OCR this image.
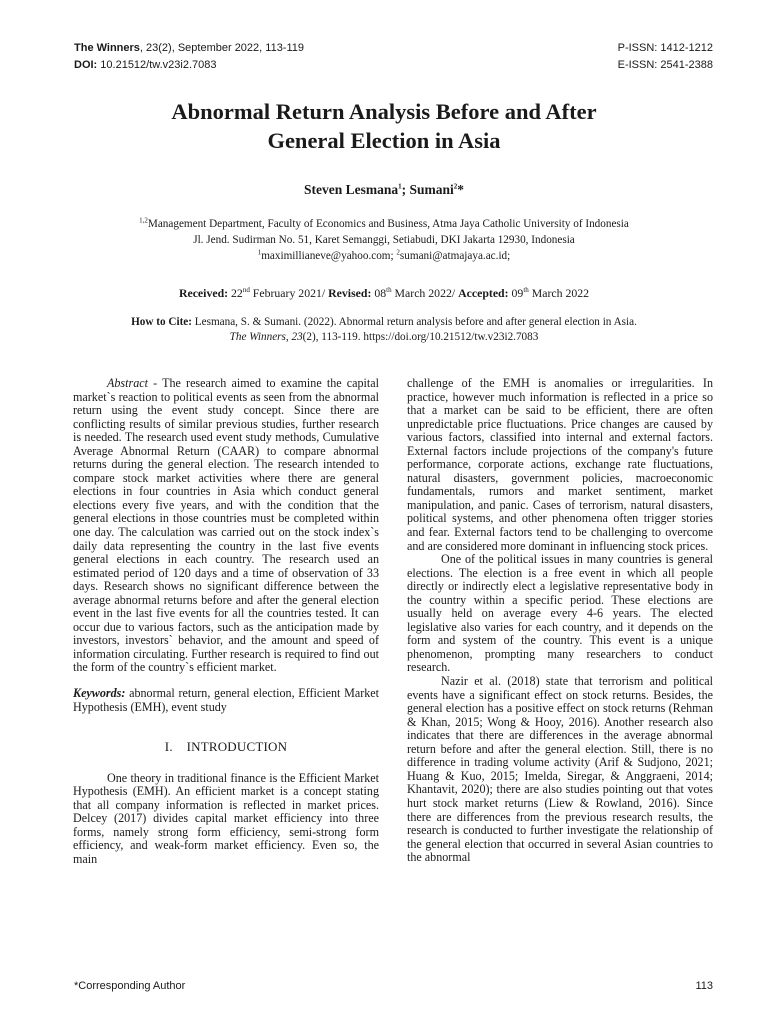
The Winners, 23(2), September 2022, 113-119
DOI: 10.21512/tw.v23i2.7083
P-ISSN: 1412-1212
E-ISSN: 2541-2388
Abnormal Return Analysis Before and After
General Election in Asia
Steven Lesmana$^1$; Sumani$^2$*
$^{1,2}$Management Department, Faculty of Economics and Business, Atma Jaya Catholic University of Indonesia
Jl. Jend. Sudirman No. 51, Karet Semanggi, Setiabudi, DKI Jakarta 12930, Indonesia
$^1$maximillianeve@yahoo.com; $^2$sumani@atmajaya.ac.id;
Received: 22nd February 2021/ Revised: 08th March 2022/ Accepted: 09th March 2022
How to Cite: Lesmana, S. & Sumani. (2022). Abnormal return analysis before and after general election in Asia.
The Winners, 23(2), 113-119. https://doi.org/10.21512/tw.v23i2.7083

Abstract - The research aimed to examine the capital market`s reaction to political events as seen from the abnormal return using the event study concept. Since there are conflicting results of similar previous studies, further research is needed. The research used event study methods, Cumulative Average Abnormal Return (CAAR) to compare abnormal returns during the general election. The research intended to compare stock market activities where there are general elections in four countries in Asia which conduct general elections every five years, and with the condition that the general elections in those countries must be completed within one day. The calculation was carried out on the stock index`s daily data representing the country in the last five events general elections in each country. The research used an estimated period of 120 days and a time of observation of 33 days. Research shows no significant difference between the average abnormal returns before and after the general election event in the last five events for all the countries tested. It can occur due to various factors, such as the anticipation made by investors, investors` behavior, and the amount and speed of information circulating. Further research is required to find out the form of the country`s efficient market.

Keywords: abnormal return, general election, Efficient Market Hypothesis (EMH), event study

I.    INTRODUCTION

One theory in traditional finance is the Efficient Market Hypothesis (EMH). An efficient market is a concept stating that all company information is reflected in market prices. Delcey (2017) divides capital market efficiency into three forms, namely strong form efficiency, semi-strong form efficiency, and weak-form market efficiency. Even so, the main

challenge of the EMH is anomalies or irregularities. In practice, however much information is reflected in a price so that a market can be said to be efficient, there are often unpredictable price fluctuations. Price changes are caused by various factors, classified into internal and external factors. External factors include projections of the company's future performance, corporate actions, exchange rate fluctuations, natural disasters, government policies, macroeconomic fundamentals, rumors and market sentiment, market manipulation, and panic. Cases of terrorism, natural disasters, political systems, and other phenomena often trigger stories and fear. External factors tend to be challenging to overcome and are considered more dominant in influencing stock prices.

One of the political issues in many countries is general elections. The election is a free event in which all people directly or indirectly elect a legislative representative body in the country within a specific period. These elections are usually held on average every 4-6 years. The elected legislative also varies for each country, and it depends on the form and system of the country. This event is a unique phenomenon, prompting many researchers to conduct research.

Nazir et al. (2018) state that terrorism and political events have a significant effect on stock returns. Besides, the general election has a positive effect on stock returns (Rehman & Khan, 2015; Wong & Hooy, 2016). Another research also indicates that there are differences in the average abnormal return before and after the general election. Still, there is no difference in trading volume activity (Arif & Sudjono, 2021; Huang & Kuo, 2015; Imelda, Siregar, & Anggraeni, 2014; Khantavit, 2020); there are also studies pointing out that votes hurt stock market returns (Liew & Rowland, 2016). Since there are differences from the previous research results, the research is conducted to further investigate the relationship of the general election that occurred in several Asian countries to the abnormal

*Corresponding Author	113
